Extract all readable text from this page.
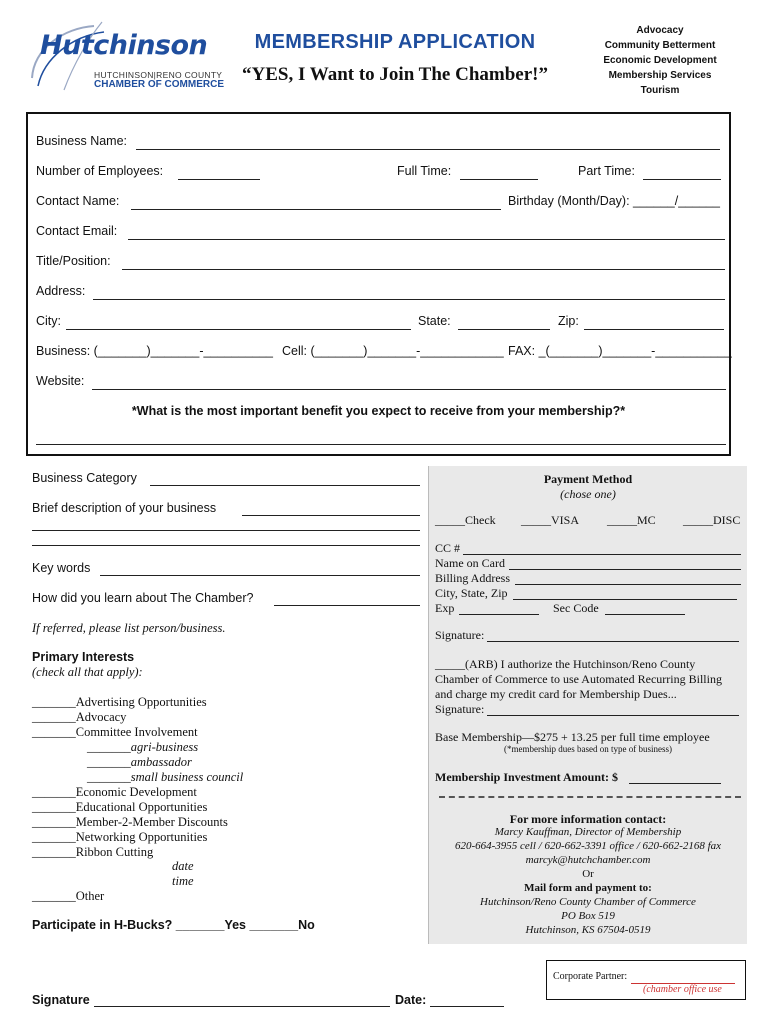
Hutchinson
HUTCHINSON|RENO COUNTY
CHAMBER OF COMMERCE
MEMBERSHIP APPLICATION
“YES, I Want to Join The Chamber!”
Advocacy
Community Betterment
Economic Development
Membership Services
Tourism
Business Name:
Number of Employees:	Full Time:	Part Time:
Contact Name:	Birthday (Month/Day): ______/______
Contact Email:
Title/Position:
Address:
City:	State:	Zip:
Business: (_______)_______-__________ Cell: (_______)_______-____________ FAX: _(_______)_______-___________
Website:
*What is the most important benefit you expect to receive from your membership?*
Business Category
Brief description of your business
Key words
How did you learn about The Chamber?
If referred, please list person/business.
Primary Interests
(check all that apply):
_______Advertising Opportunities
_______Advocacy
_______Committee Involvement
_______agri-business
_______ambassador
_______small business council
_______Economic Development
_______Educational Opportunities
_______Member-2-Member Discounts
_______Networking Opportunities
_______Ribbon Cutting
date
time
_______Other
Participate in H-Bucks? _______Yes _______No
Signature	Date:
Payment Method
(chose one)
_____Check _____VISA _____MC _____DISC
CC #
Name on Card
Billing Address
City, State, Zip
Exp	Sec Code
Signature:
_____(ARB) I authorize the Hutchinson/Reno County
Chamber of Commerce to use Automated Recurring Billing
and charge my credit card for Membership Dues...
Signature:
Base Membership—$275 + 13.25 per full time employee
(*membership dues based on type of business)
Membership Investment Amount: $
For more information contact:
Marcy Kauffman, Director of Membership
620-664-3955 cell / 620-662-3391 office / 620-662-2168 fax
marcyk@hutchchamber.com
Or
Mail form and payment to:
Hutchinson/Reno County Chamber of Commerce
PO Box 519
Hutchinson, KS 67504-0519
Corporate Partner:
(chamber office use
